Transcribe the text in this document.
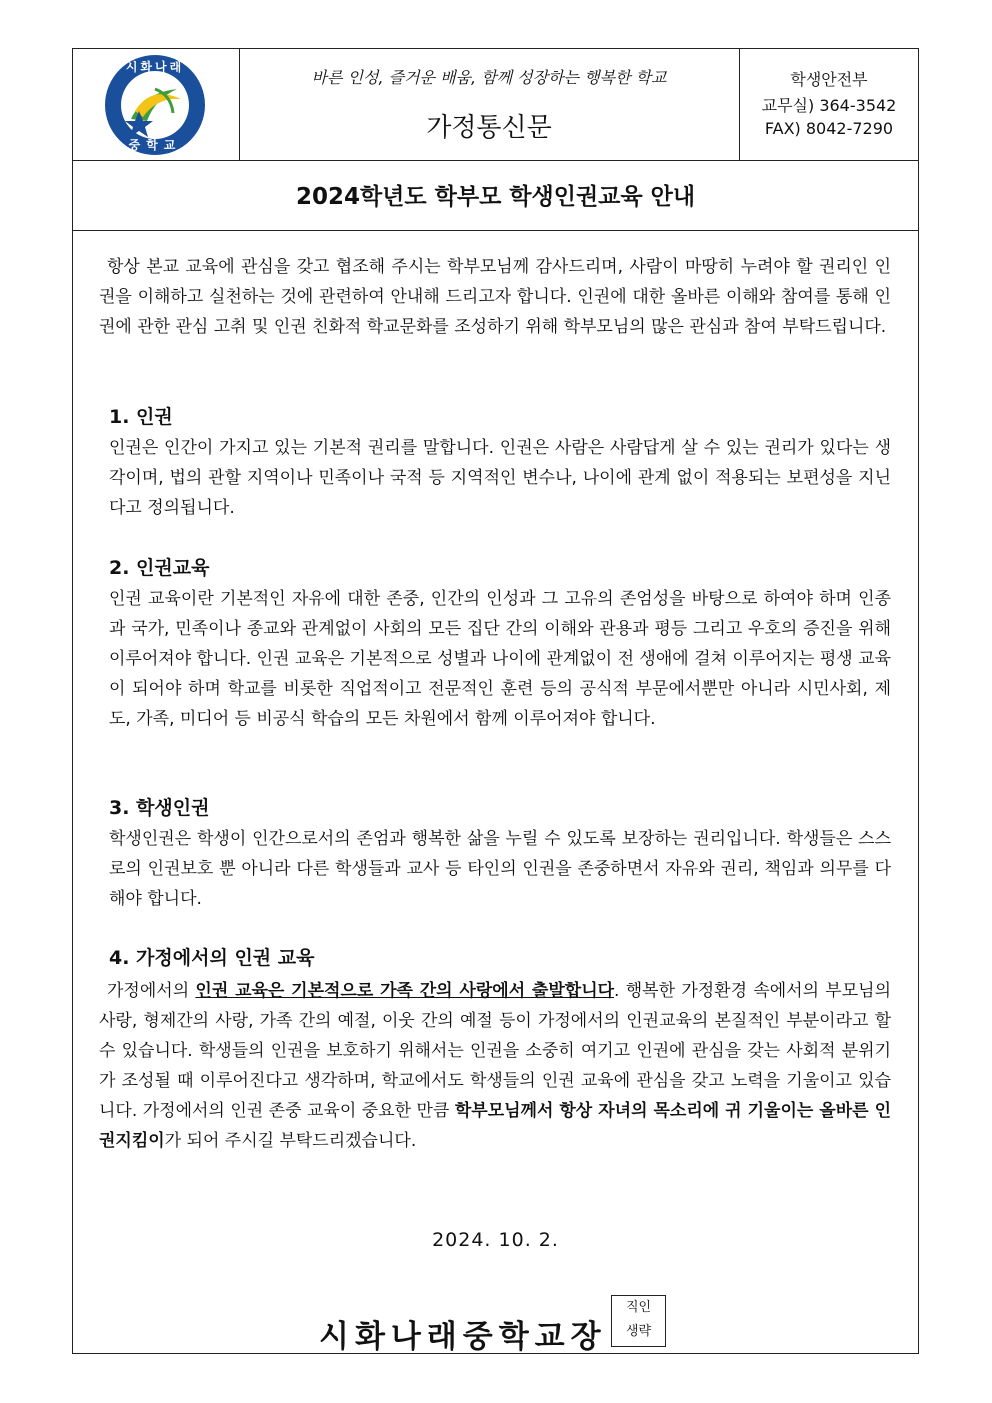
시화나래
중학교
바른 인성, 즐거운 배움, 함께 성장하는 행복한 학교
가정통신문
학생안전부
교무실) 364-3542
FAX) 8042-7290
2024학년도 학부모 학생인권교육 안내

항상 본교 교육에 관심을 갖고 협조해 주시는 학부모님께 감사드리며, 사람이 마땅히 누려야 할 권리인 인권을 이해하고 실천하는 것에 관련하여 안내해 드리고자 합니다. 인권에 대한 올바른 이해와 참여를 통해 인권에 관한 관심 고취 및 인권 친화적 학교문화를 조성하기 위해 학부모님의 많은 관심과 참여 부탁드립니다.

1. 인권

인권은 인간이 가지고 있는 기본적 권리를 말합니다. 인권은 사람은 사람답게 살 수 있는 권리가 있다는 생각이며, 법의 관할 지역이나 민족이나 국적 등 지역적인 변수나, 나이에 관계 없이 적용되는 보편성을 지닌다고 정의됩니다.

2. 인권교육

인권 교육이란 기본적인 자유에 대한 존중, 인간의 인성과 그 고유의 존엄성을 바탕으로 하여야 하며 인종과 국가, 민족이나 종교와 관계없이 사회의 모든 집단 간의 이해와 관용과 평등 그리고 우호의 증진을 위해 이루어져야 합니다. 인권 교육은 기본적으로 성별과 나이에 관계없이 전 생애에 걸쳐 이루어지는 평생 교육이 되어야 하며 학교를 비롯한 직업적이고 전문적인 훈련 등의 공식적 부문에서뿐만 아니라 시민사회, 제도, 가족, 미디어 등 비공식 학습의 모든 차원에서 함께 이루어져야 합니다.

3. 학생인권

학생인권은 학생이 인간으로서의 존엄과 행복한 삶을 누릴 수 있도록 보장하는 권리입니다. 학생들은 스스로의 인권보호 뿐 아니라 다른 학생들과 교사 등 타인의 인권을 존중하면서 자유와 권리, 책임과 의무를 다해야 합니다.

4. 가정에서의 인권 교육

가정에서의 인권 교육은 기본적으로 가족 간의 사랑에서 출발합니다. 행복한 가정환경 속에서의 부모님의 사랑, 형제간의 사랑, 가족 간의 예절, 이웃 간의 예절 등이 가정에서의 인권교육의 본질적인 부분이라고 할 수 있습니다. 학생들의 인권을 보호하기 위해서는 인권을 소중히 여기고 인권에 관심을 갖는 사회적 분위기가 조성될 때 이루어진다고 생각하며, 학교에서도 학생들의 인권 교육에 관심을 갖고 노력을 기울이고 있습니다. 가정에서의 인권 존중 교육이 중요한 만큼 학부모님께서 항상 자녀의 목소리에 귀 기울이는 올바른 인권지킴이가 되어 주시길 부탁드리겠습니다.

2024. 10. 2.
시화나래중학교장
직인
생략
